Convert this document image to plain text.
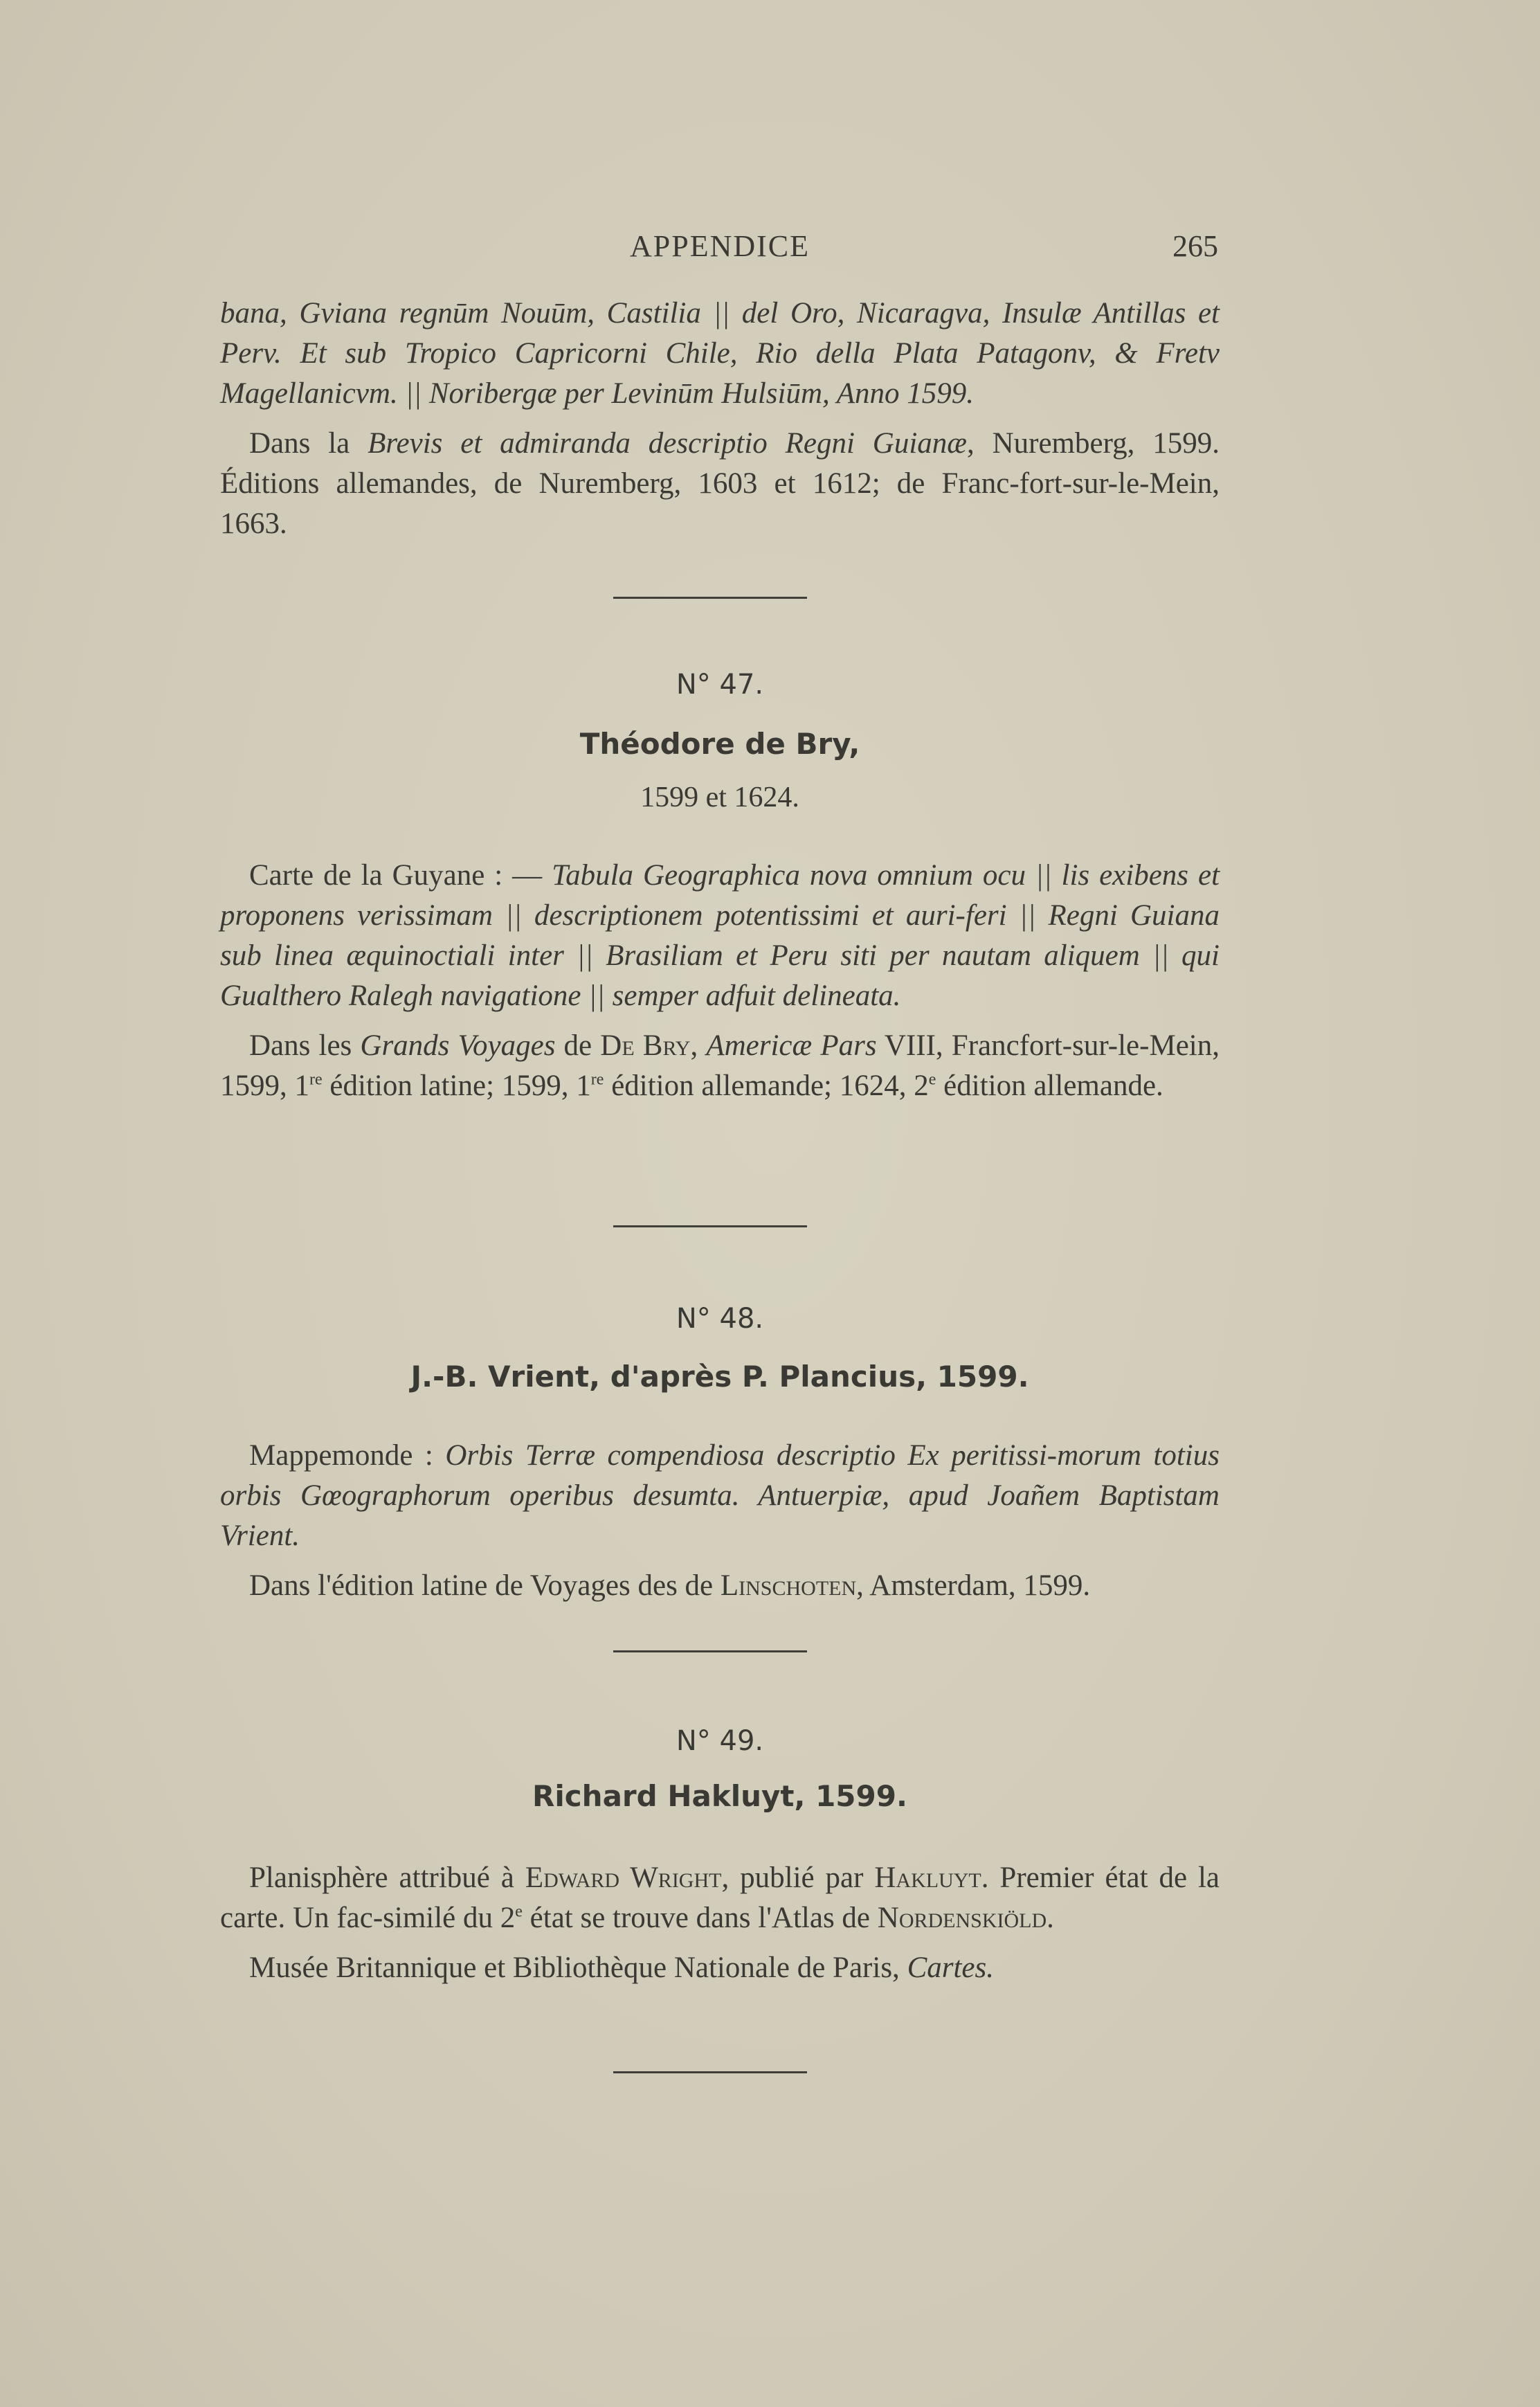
APPENDICE	265

bana, Gviana regnūm Nouūm, Castilia || del Oro, Nicaragva, Insulæ Antillas et Perv. Et sub Tropico Capricorni Chile, Rio della Plata Patagonv, & Fretv Magellanicvm. || Noribergæ per Levinūm Hulsiūm, Anno 1599.

Dans la Brevis et admiranda descriptio Regni Guianæ, Nuremberg, 1599. Éditions allemandes, de Nuremberg, 1603 et 1612; de Franc-fort-sur-le-Mein, 1663.

N° 47.
Théodore de Bry,
1599 et 1624.

Carte de la Guyane : — Tabula Geographica nova omnium ocu || lis exibens et proponens verissimam || descriptionem potentissimi et auri-feri || Regni Guiana sub linea æquinoctiali inter || Brasiliam et Peru siti per nautam aliquem || qui Gualthero Ralegh navigatione || semper adfuit delineata.

Dans les Grands Voyages de De Bry, Americæ Pars VIII, Francfort-sur-le-Mein, 1599, 1re édition latine; 1599, 1re édition allemande; 1624, 2e édition allemande.

N° 48.
J.-B. Vrient, d'après P. Plancius, 1599.

Mappemonde : Orbis Terræ compendiosa descriptio Ex peritissi-morum totius orbis Gœographorum operibus desumta. Antuerpiæ, apud Joañem Baptistam Vrient.

Dans l'édition latine de Voyages des de Linschoten, Amsterdam, 1599.

N° 49.
Richard Hakluyt, 1599.

Planisphère attribué à Edward Wright, publié par Hakluyt. Premier état de la carte. Un fac-similé du 2e état se trouve dans l'Atlas de Nordenskiöld.

Musée Britannique et Bibliothèque Nationale de Paris, Cartes.
